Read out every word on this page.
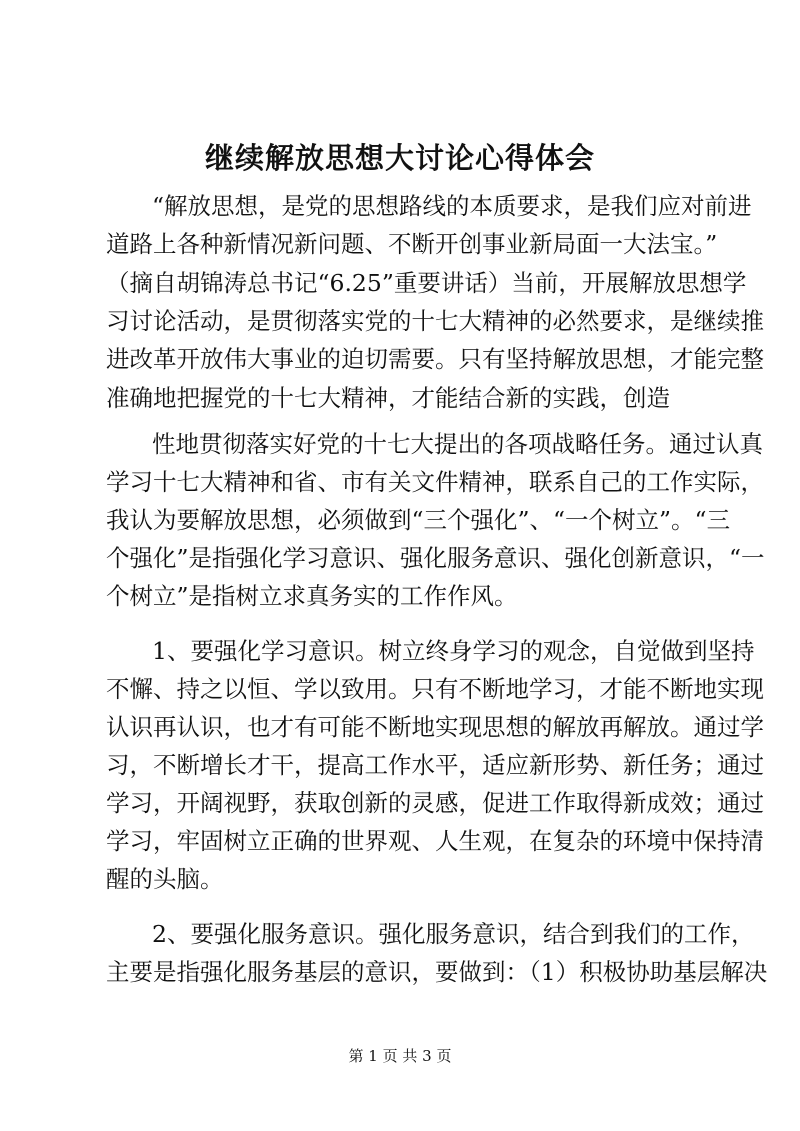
继续解放思想大讨论心得体会
“解放思想，是党的思想路线的本质要求，是我们应对前进
道路上各种新情况新问题、不断开创事业新局面一大法宝。”
（摘自胡锦涛总书记“6.25”重要讲话）当前，开展解放思想学
习讨论活动，是贯彻落实党的十七大精神的必然要求，是继续推
进改革开放伟大事业的迫切需要。只有坚持解放思想，才能完整
准确地把握党的十七大精神，才能结合新的实践，创造
性地贯彻落实好党的十七大提出的各项战略任务。通过认真
学习十七大精神和省、市有关文件精神，联系自己的工作实际，
我认为要解放思想，必须做到“三个强化”、“一个树立”。“三
个强化”是指强化学习意识、强化服务意识、强化创新意识，“一
个树立”是指树立求真务实的工作作风。
1、要强化学习意识。树立终身学习的观念，自觉做到坚持
不懈、持之以恒、学以致用。只有不断地学习，才能不断地实现
认识再认识，也才有可能不断地实现思想的解放再解放。通过学
习，不断增长才干，提高工作水平，适应新形势、新任务；通过
学习，开阔视野，获取创新的灵感，促进工作取得新成效；通过
学习，牢固树立正确的世界观、人生观，在复杂的环境中保持清
醒的头脑。
2、要强化服务意识。强化服务意识，结合到我们的工作，
主要是指强化服务基层的意识，要做到：（1）积极协助基层解决
第 1 页 共 3 页
